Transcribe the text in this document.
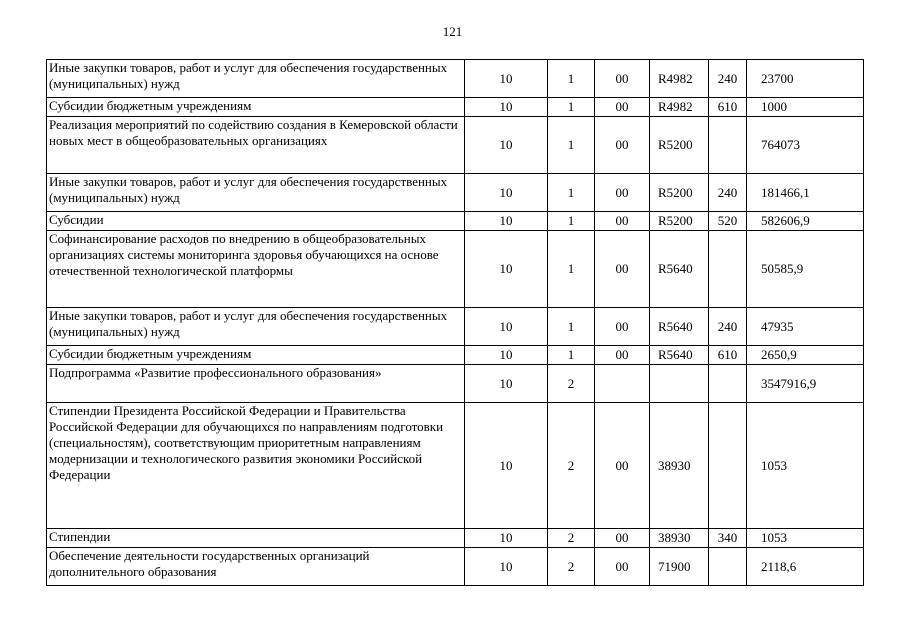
121
Иные закупки товаров, работ и услуг для обеспечения государственных (муниципальных) нужд	10	1	00	R4982	240	23700
Субсидии бюджетным учреждениям	10	1	00	R4982	610	1000
Реализация мероприятий по содействию создания в Кемеровской области новых мест в общеобразовательных организациях	10	1	00	R5200		764073
Иные закупки товаров, работ и услуг для обеспечения государственных (муниципальных) нужд	10	1	00	R5200	240	181466,1
Субсидии	10	1	00	R5200	520	582606,9
Софинансирование расходов по внедрению в общеобразовательных организациях системы мониторинга здоровья обучающихся на основе отечественной технологической платформы	10	1	00	R5640		50585,9
Иные закупки товаров, работ и услуг для обеспечения государственных (муниципальных) нужд	10	1	00	R5640	240	47935
Субсидии бюджетным учреждениям	10	1	00	R5640	610	2650,9
Подпрограмма «Развитие профессионального образования»	10	2				3547916,9
Стипендии Президента Российской Федерации и Правительства Российской Федерации для обучающихся по направлениям подготовки (специальностям), соответствующим приоритетным направлениям модернизации и технологического развития экономики Российской Федерации	10	2	00	38930		1053
Стипендии	10	2	00	38930	340	1053
Обеспечение деятельности государственных организаций дополнительного образования	10	2	00	71900		2118,6
